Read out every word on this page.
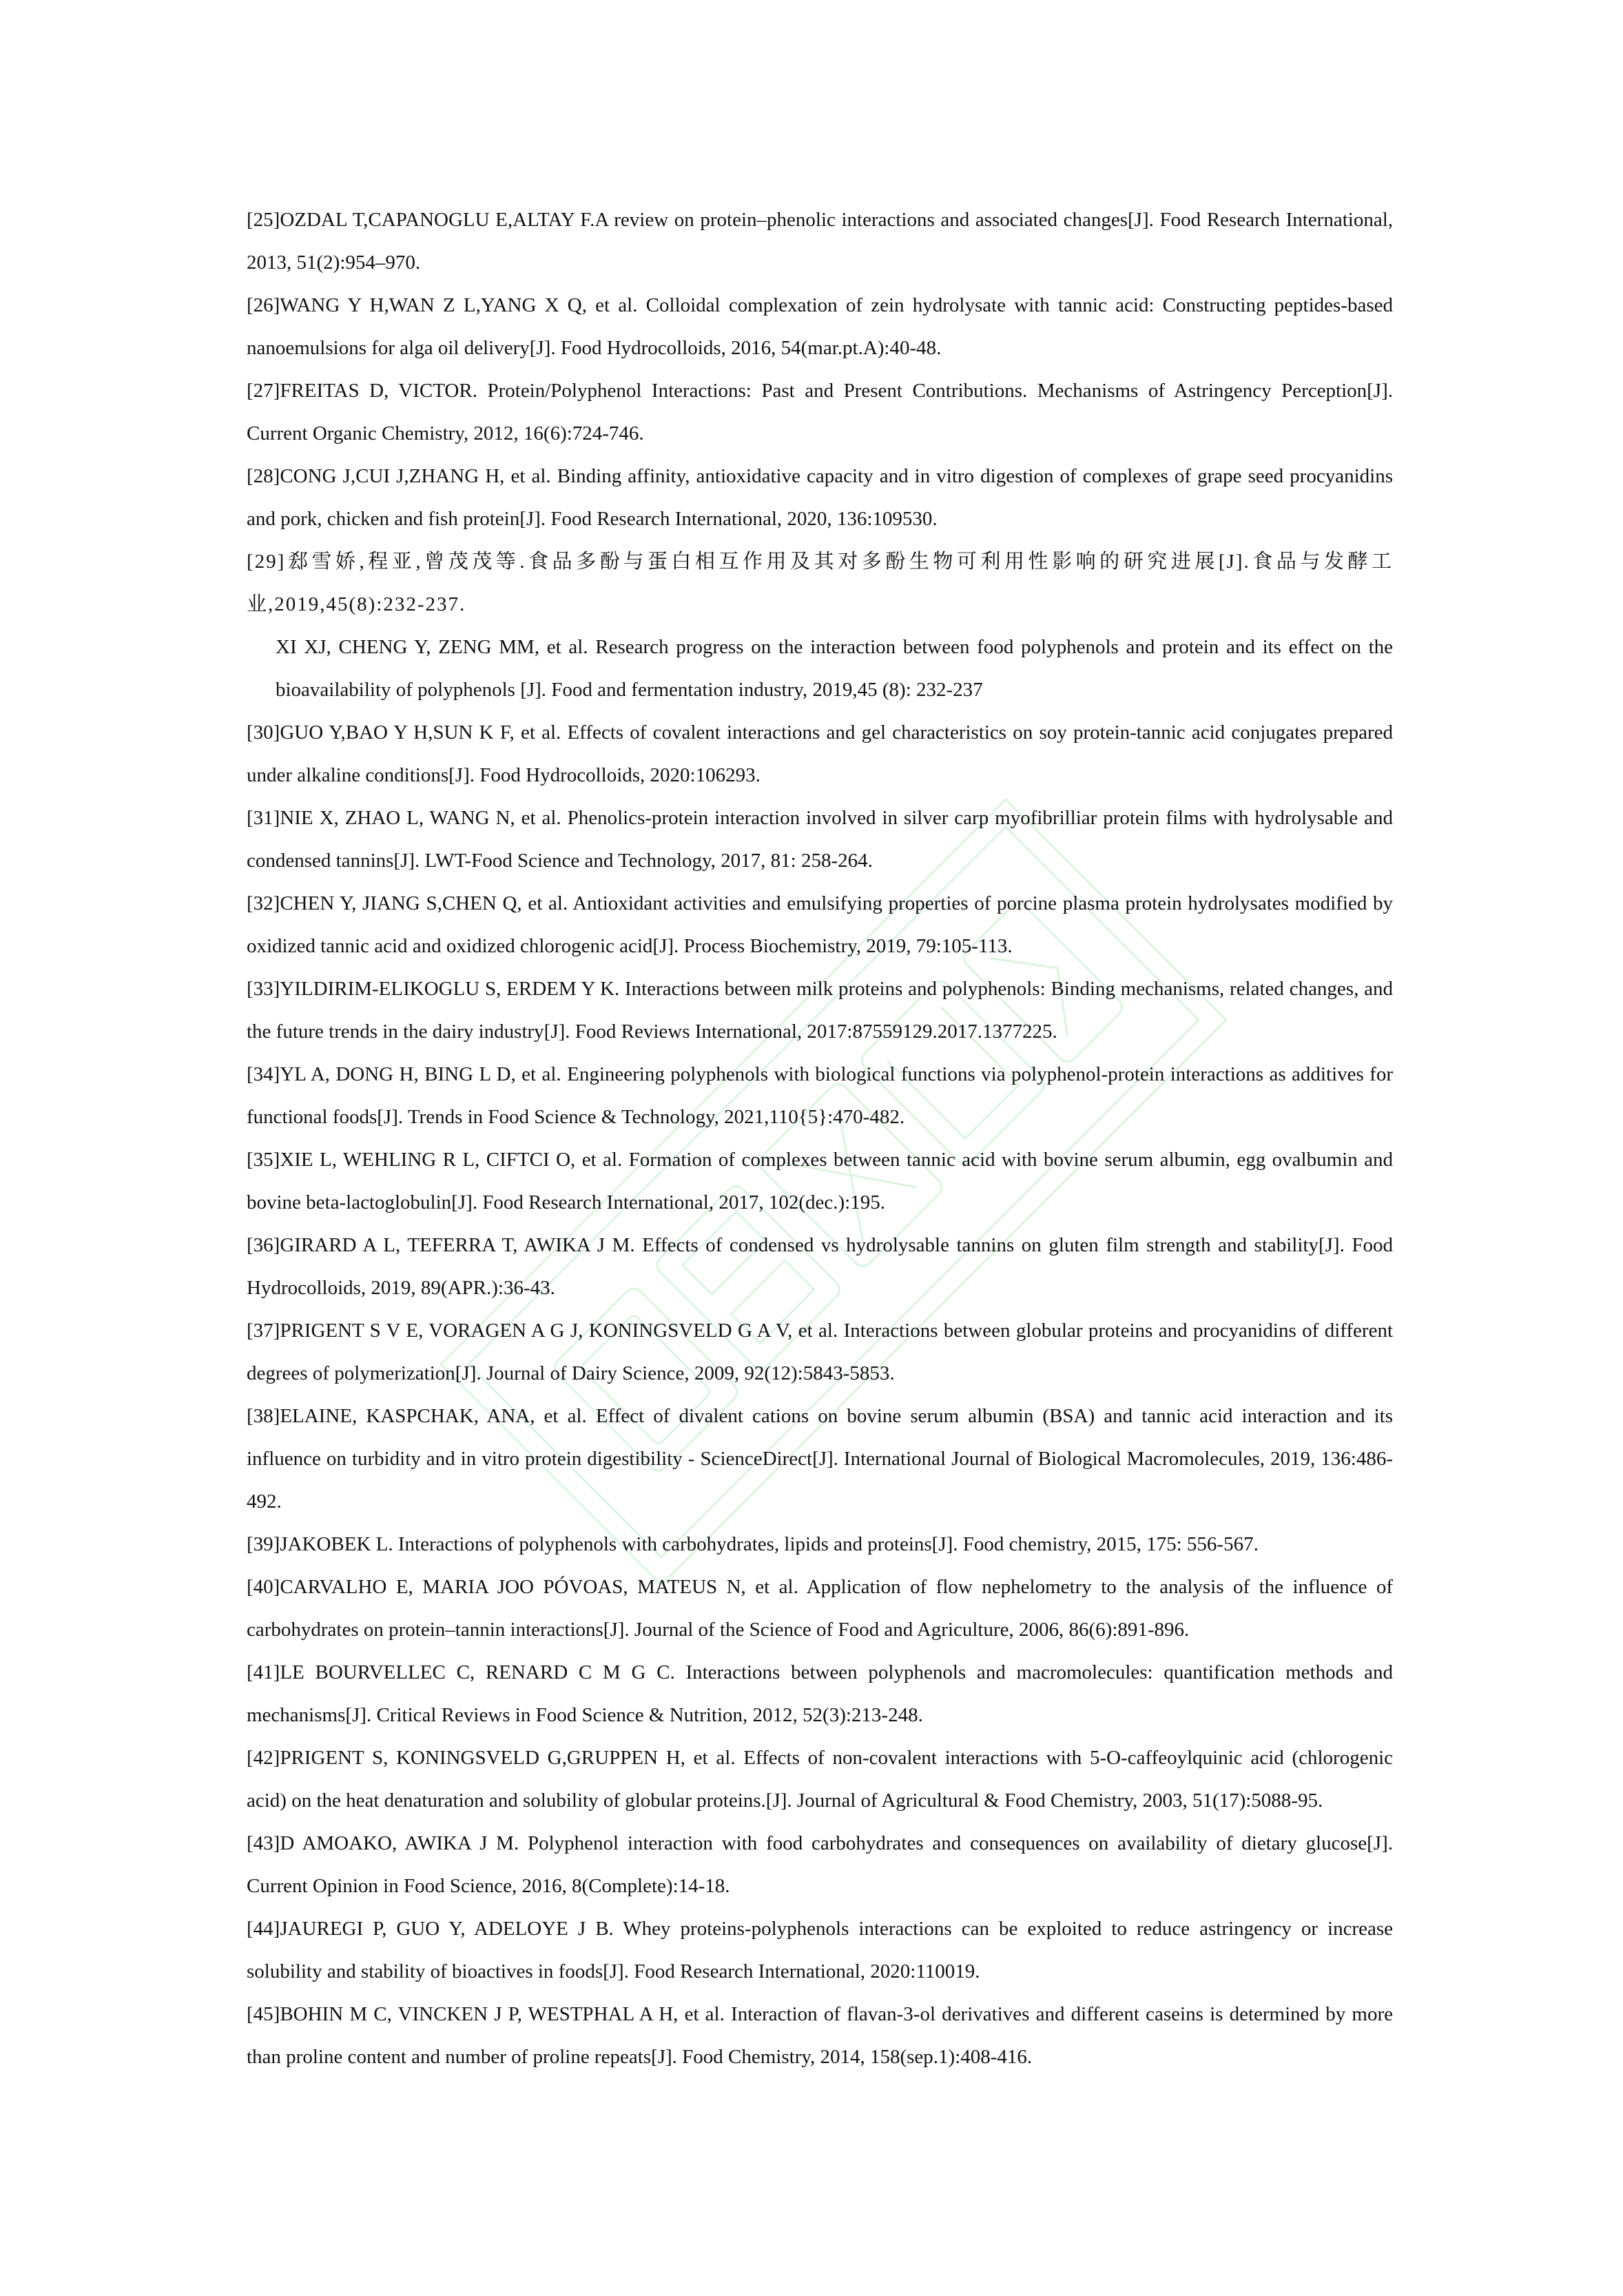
[25]OZDAL T,CAPANOGLU E,ALTAY F.A review on protein–phenolic interactions and associated changes[J]. Food Research International, 2013, 51(2):954–970.

[26]WANG Y H,WAN Z L,YANG X Q, et al. Colloidal complexation of zein hydrolysate with tannic acid: Constructing peptides-based nanoemulsions for alga oil delivery[J]. Food Hydrocolloids, 2016, 54(mar.pt.A):40-48.

[27]FREITAS D, VICTOR. Protein/Polyphenol Interactions: Past and Present Contributions. Mechanisms of Astringency Perception[J]. Current Organic Chemistry, 2012, 16(6):724-746.

[28]CONG J,CUI J,ZHANG H, et al. Binding affinity, antioxidative capacity and in vitro digestion of complexes of grape seed procyanidins and pork, chicken and fish protein[J]. Food Research International, 2020, 136:109530.

[29]郄雪娇,程亚,曾茂茂等.食品多酚与蛋白相互作用及其对多酚生物可利用性影响的研究进展[J].食品与发酵工业,2019,45(8):232-237.

XI XJ, CHENG Y, ZENG MM, et al. Research progress on the interaction between food polyphenols and protein and its effect on the bioavailability of polyphenols [J]. Food and fermentation industry, 2019,45 (8): 232-237

[30]GUO Y,BAO Y H,SUN K F, et al. Effects of covalent interactions and gel characteristics on soy protein-tannic acid conjugates prepared under alkaline conditions[J]. Food Hydrocolloids, 2020:106293.

[31]NIE X, ZHAO L, WANG N, et al. Phenolics-protein interaction involved in silver carp myofibrilliar protein films with hydrolysable and condensed tannins[J]. LWT-Food Science and Technology, 2017, 81: 258-264.

[32]CHEN Y, JIANG S,CHEN Q, et al. Antioxidant activities and emulsifying properties of porcine plasma protein hydrolysates modified by oxidized tannic acid and oxidized chlorogenic acid[J]. Process Biochemistry, 2019, 79:105-113.

[33]YILDIRIM-ELIKOGLU S, ERDEM Y K. Interactions between milk proteins and polyphenols: Binding mechanisms, related changes, and the future trends in the dairy industry[J]. Food Reviews International, 2017:87559129.2017.1377225.

[34]YL A, DONG H, BING L D, et al. Engineering polyphenols with biological functions via polyphenol-protein interactions as additives for functional foods[J]. Trends in Food Science & Technology, 2021,110{5}:470-482.

[35]XIE L, WEHLING R L, CIFTCI O, et al. Formation of complexes between tannic acid with bovine serum albumin, egg ovalbumin and bovine beta-lactoglobulin[J]. Food Research International, 2017, 102(dec.):195.

[36]GIRARD A L, TEFERRA T, AWIKA J M. Effects of condensed vs hydrolysable tannins on gluten film strength and stability[J]. Food Hydrocolloids, 2019, 89(APR.):36-43.

[37]PRIGENT S V E, VORAGEN A G J, KONINGSVELD G A V, et al. Interactions between globular proteins and procyanidins of different degrees of polymerization[J]. Journal of Dairy Science, 2009, 92(12):5843-5853.

[38]ELAINE, KASPCHAK, ANA, et al. Effect of divalent cations on bovine serum albumin (BSA) and tannic acid interaction and its influence on turbidity and in vitro protein digestibility - ScienceDirect[J]. International Journal of Biological Macromolecules, 2019, 136:486-492.

[39]JAKOBEK L. Interactions of polyphenols with carbohydrates, lipids and proteins[J]. Food chemistry, 2015, 175: 556-567.

[40]CARVALHO E, MARIA JOO PÓVOAS, MATEUS N, et al. Application of flow nephelometry to the analysis of the influence of carbohydrates on protein–tannin interactions[J]. Journal of the Science of Food and Agriculture, 2006, 86(6):891-896.

[41]LE BOURVELLEC C, RENARD C M G C. Interactions between polyphenols and macromolecules: quantification methods and mechanisms[J]. Critical Reviews in Food Science & Nutrition, 2012, 52(3):213-248.

[42]PRIGENT S, KONINGSVELD G,GRUPPEN H, et al. Effects of non-covalent interactions with 5-O-caffeoylquinic acid (chlorogenic acid) on the heat denaturation and solubility of globular proteins.[J]. Journal of Agricultural & Food Chemistry, 2003, 51(17):5088-95.

[43]D AMOAKO, AWIKA J M. Polyphenol interaction with food carbohydrates and consequences on availability of dietary glucose[J]. Current Opinion in Food Science, 2016, 8(Complete):14-18.

[44]JAUREGI P, GUO Y, ADELOYE J B. Whey proteins-polyphenols interactions can be exploited to reduce astringency or increase solubility and stability of bioactives in foods[J]. Food Research International, 2020:110019.

[45]BOHIN M C, VINCKEN J P, WESTPHAL A H, et al. Interaction of flavan-3-ol derivatives and different caseins is determined by more than proline content and number of proline repeats[J]. Food Chemistry, 2014, 158(sep.1):408-416.
